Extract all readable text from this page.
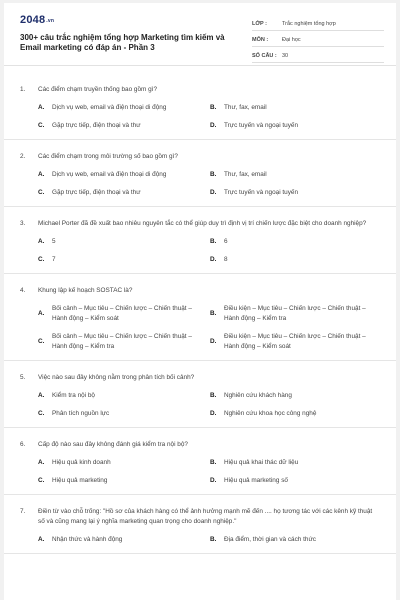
2048.vn
300+ câu trắc nghiệm tổng hợp Marketing tìm kiếm và Email marketing có đáp án - Phần 3
LỚP :	Trắc nghiệm tổng hợp
MÔN :	Đại học
SỐ CÂU : 30
1.	Các điểm chạm truyền thống bao gồm gì?
A.	Dịch vụ web, email và điện thoại di động	B.	Thư, fax, email
C.	Gặp trực tiếp, điện thoại và thư	D.	Trực tuyến và ngoại tuyến
2.	Các điểm chạm trong môi trường số bao gồm gì?
A.	Dịch vụ web, email và điện thoại di động	B.	Thư, fax, email
C.	Gặp trực tiếp, điện thoại và thư	D.	Trực tuyến và ngoại tuyến
3.	Michael Porter đã đề xuất bao nhiêu nguyên tắc có thể giúp duy trì định vị trí chiến lược đặc biệt cho doanh nghiệp?
A.	5	B.	6
C.	7	D.	8
4.	Khung lập kế hoạch SOSTAC là?
A.
Bối cảnh – Mục tiêu – Chiến lược – Chiến thuật – Hành động – Kiểm soát
B.
Điều kiện – Mục tiêu – Chiến lược – Chiến thuật – Hành động – Kiểm tra
C.
Bối cảnh – Mục tiêu – Chiến lược – Chiến thuật – Hành động – Kiểm tra
D.
Điều kiện – Mục tiêu – Chiến lược – Chiến thuật – Hành động – Kiểm soát
5.	Việc nào sau đây không nằm trong phân tích bối cảnh?
A.	Kiểm tra nội bộ	B.	Nghiên cứu khách hàng
C.	Phân tích nguồn lực	D.	Nghiên cứu khoa học công nghệ
6.	Cấp độ nào sau đây không đánh giá kiểm tra nội bộ?
A.	Hiệu quả kinh doanh	B.	Hiệu quả khai thác dữ liệu
C.	Hiệu quả marketing	D.	Hiệu quả marketing số
7.	Điền từ vào chỗ trống: "Hồ sơ của khách hàng có thể ảnh hưởng mạnh mẽ đến .... họ tương tác với các kênh kỹ thuật số và cũng mang lại ý nghĩa marketing quan trọng cho doanh nghiệp."
A.	Nhận thức và hành động	B.	Địa điểm, thời gian và cách thức
